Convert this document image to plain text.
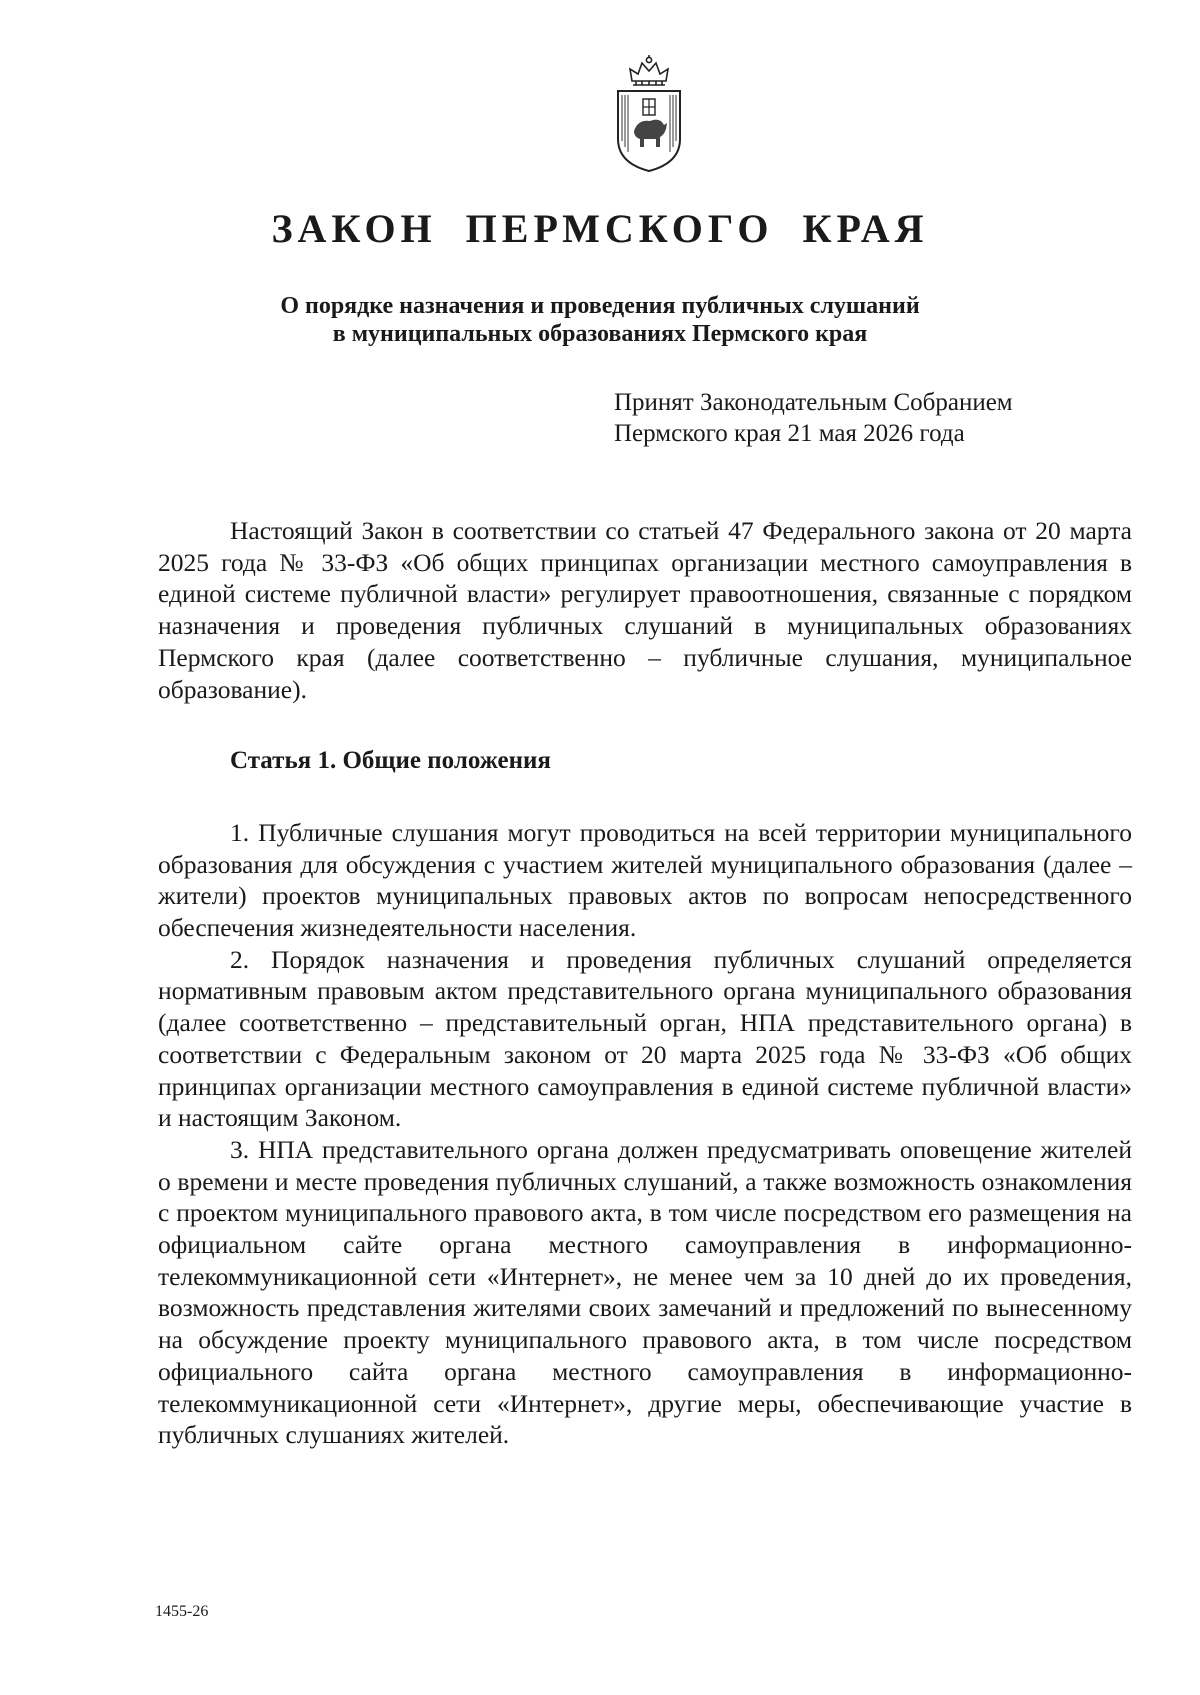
ЗАКОН ПЕРМСКОГО КРАЯ
О порядке назначения и проведения публичных слушаний
в муниципальных образованиях Пермского края
Принят Законодательным Собранием
Пермского края 21 мая 2026 года

Настоящий Закон в соответствии со статьей 47 Федерального закона от 20 марта 2025 года № 33-ФЗ «Об общих принципах организации местного самоуправления в единой системе публичной власти» регулирует правоотношения, связанные с порядком назначения и проведения публичных слушаний в муниципальных образованиях Пермского края (далее соответственно – публичные слушания, муниципальное образование).

Статья 1. Общие положения

1. Публичные слушания могут проводиться на всей территории муниципального образования для обсуждения с участием жителей муниципального образования (далее – жители) проектов муниципальных правовых актов по вопросам непосредственного обеспечения жизнедеятельности населения.

2. Порядок назначения и проведения публичных слушаний определяется нормативным правовым актом представительного органа муниципального образования (далее соответственно – представительный орган, НПА представительного органа) в соответствии с Федеральным законом от 20 марта 2025 года № 33-ФЗ «Об общих принципах организации местного самоуправления в единой системе публичной власти» и настоящим Законом.

3. НПА представительного органа должен предусматривать оповещение жителей о времени и месте проведения публичных слушаний, а также возможность ознакомления с проектом муниципального правового акта, в том числе посредством его размещения на официальном сайте органа местного самоуправления в информационно-телекоммуникационной сети «Интернет», не менее чем за 10 дней до их проведения, возможность представления жителями своих замечаний и предложений по вынесенному на обсуждение проекту муниципального правового акта, в том числе посредством официального сайта органа местного самоуправления в информационно-телекоммуникационной сети «Интернет», другие меры, обеспечивающие участие в публичных слушаниях жителей.

1455-26
